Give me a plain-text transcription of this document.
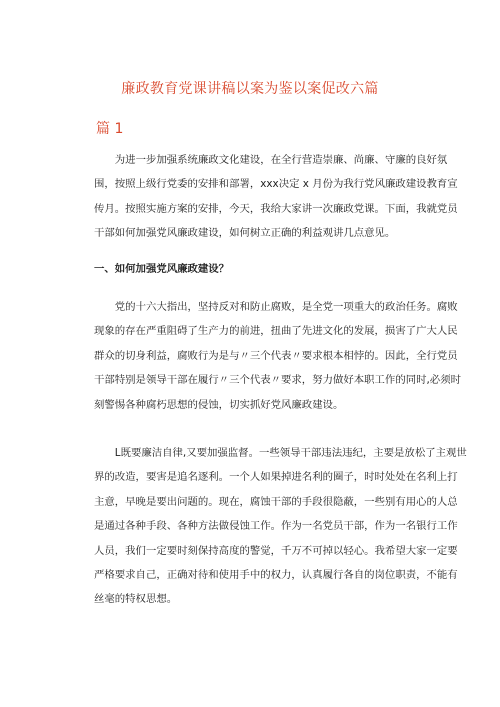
廉政教育党课讲稿以案为鉴以案促改六篇
篇 1
为进一步加强系统廉政文化建设，在全行营造崇廉、尚廉、守廉的良好氛
围，按照上级行党委的安排和部署，xxx决定 x 月份为我行党风廉政建设教育宣
传月。按照实施方案的安排，今天，我给大家讲一次廉政党课。下面，我就党员
干部如何加强党风廉政建设，如何树立正确的利益观讲几点意见。
一、如何加强党风廉政建设？
党的十六大指出，坚持反对和防止腐败，是全党一项重大的政治任务。腐败
现象的存在严重阻碍了生产力的前进，扭曲了先进文化的发展，损害了广大人民
群众的切身利益，腐败行为是与〃三个代表〃要求根本相悖的。因此，全行党员
干部特别是领导干部在履行〃三个代表〃要求，努力做好本职工作的同时,必须时
刻警惕各种腐朽思想的侵蚀，切实抓好党风廉政建设。
L既要廉洁自律,又要加强监督。一些领导干部违法违纪，主要是放松了主观世
界的改造，要害是追名逐利。一个人如果掉进名利的圈子，时时处处在名利上打
主意，早晚是要出问题的。现在，腐蚀干部的手段很隐蔽，一些别有用心的人总
是通过各种手段、各种方法做侵蚀工作。作为一名党员干部，作为一名银行工作
人员，我们一定要时刻保持高度的警觉，千万不可掉以轻心。我希望大家一定要
严格要求自己，正确对待和使用手中的权力，认真履行各自的岗位职责，不能有
丝毫的特权思想。
